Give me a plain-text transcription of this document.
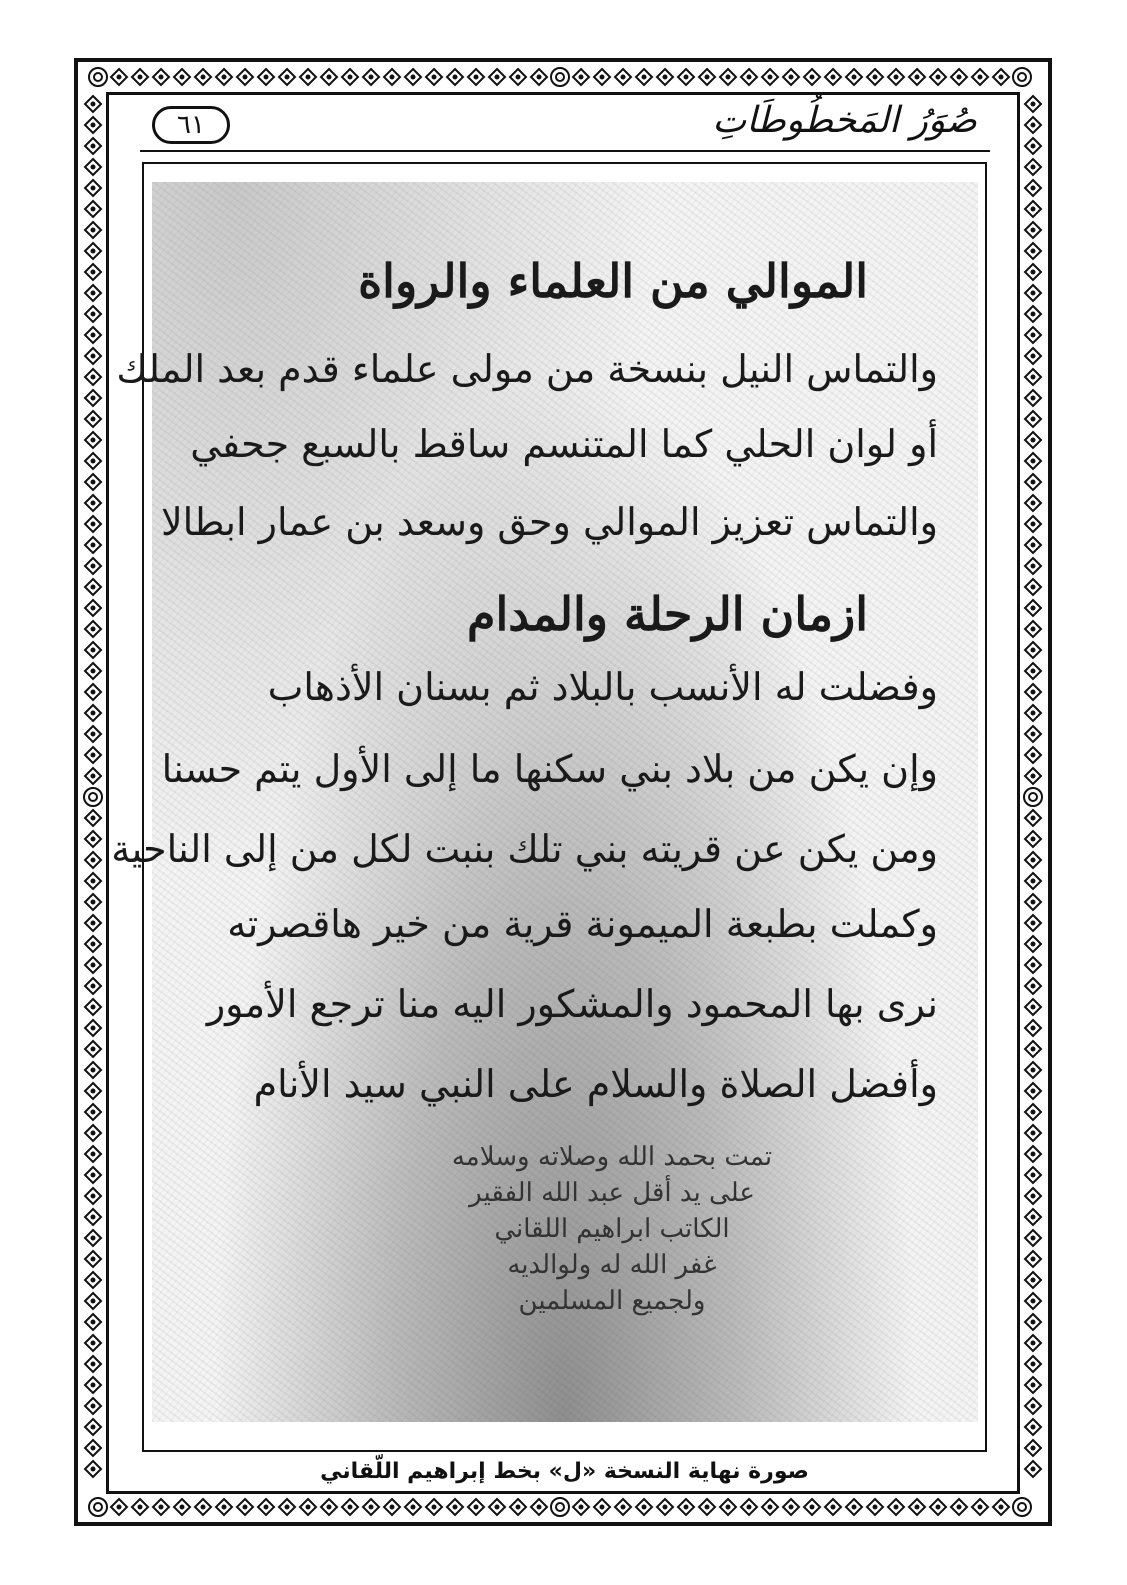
٦١	صُوَرُ المَخطُوطَاتِ
الموالي من العلماء والرواة
والتماس النيل بنسخة من مولى علماء قدم بعد الملك
أو لوان الحلي كما المتنسم ساقط بالسبع جحفي
والتماس تعزيز الموالي وحق وسعد بن عمار ابطالا
ازمان الرحلة والمدام
وفضلت له الأنسب بالبلاد ثم بسنان الأذهاب
وإن يكن من بلاد بني سكنها ما إلى الأول يتم حسنا
ومن يكن عن قريته بني تلك بنبت لكل من إلى الناحية
وكملت بطبعة الميمونة قرية من خير هاقصرته
نرى بها المحمود والمشكور اليه منا ترجع الأمور
وأفضل الصلاة والسلام على النبي سيد الأنام
تمت بحمد الله وصلاته وسلامه
على يد أقل عبد الله الفقير
الكاتب ابراهيم اللقاني
غفر الله له ولوالديه
ولجميع المسلمين
صورة نهاية النسخة «ل» بخط إبراهيم اللّقاني
